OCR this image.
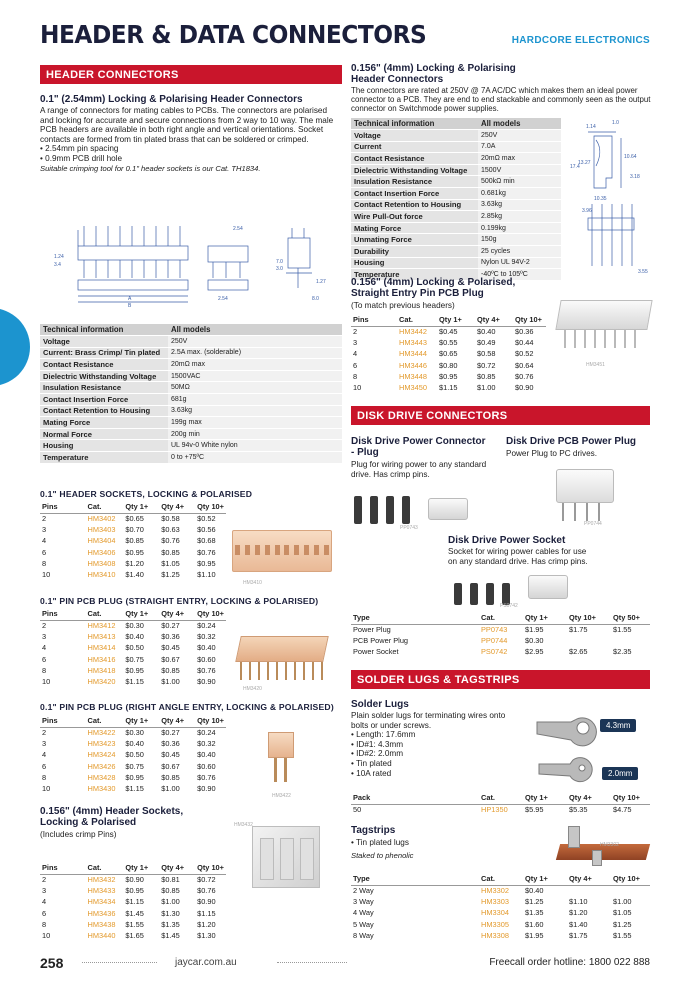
HEADER & DATA CONNECTORS	HARDCORE ELECTRONICS
HEADER CONNECTORS
0.1" (2.54mm) Locking & Polarising Header Connectors
A range of connectors for mating cables to PCBs. The connectors are polarised and locking for accurate and secure connections from 2 way to 10 way. The male PCB headers are available in both right angle and vertical orientations. Socket contacts are formed from tin plated brass that can be soldered or crimped.
• 2.54mm pin spacing
• 0.9mm PCB drill hole
Suitable crimping tool for 0.1" header sockets is our Cat. TH1834.
1.24
3.4
A
B
2.54
2.54
7.0
3.0
1.27
8.0
Technical information	All models
Voltage	250V
Current: Brass Crimp/ Tin plated	2.5A max. (solderable)
Contact Resistance	20mΩ max
Dielectric Withstanding Voltage	1500VAC
Insulation Resistance	50MΩ
Contact Insertion Force	681g
Contact Retention to Housing	3.63kg
Mating Force	199g max
Normal Force	200g min
Housing	UL 94v-0 White nylon
Temperature	0 to +75ºC
0.1" HEADER SOCKETS, LOCKING & POLARISED
Pins	Cat.	Qty 1+	Qty 4+	Qty 10+
2	HM3402	$0.65	$0.58	$0.52
3	HM3403	$0.70	$0.63	$0.56
4	HM3404	$0.85	$0.76	$0.68
6	HM3406	$0.95	$0.85	$0.76
8	HM3408	$1.20	$1.05	$0.95
10	HM3410	$1.40	$1.25	$1.10
HM3410
0.1" PIN PCB PLUG (STRAIGHT ENTRY, LOCKING & POLARISED)
Pins	Cat.	Qty 1+	Qty 4+	Qty 10+
2	HM3412	$0.30	$0.27	$0.24
3	HM3413	$0.40	$0.36	$0.32
4	HM3414	$0.50	$0.45	$0.40
6	HM3416	$0.75	$0.67	$0.60
8	HM3418	$0.95	$0.85	$0.76
10	HM3420	$1.15	$1.00	$0.90
HM3420
0.1" PIN PCB PLUG (RIGHT ANGLE ENTRY, LOCKING & POLARISED)
Pins	Cat.	Qty 1+	Qty 4+	Qty 10+
2	HM3422	$0.30	$0.27	$0.24
3	HM3423	$0.40	$0.36	$0.32
4	HM3424	$0.50	$0.45	$0.40
6	HM3426	$0.75	$0.67	$0.60
8	HM3428	$0.95	$0.85	$0.76
10	HM3430	$1.15	$1.00	$0.90
HM3422
0.156" (4mm) Header Sockets, Locking & Polarised
(Includes crimp Pins)
HM3432
Pins	Cat.	Qty 1+	Qty 4+	Qty 10+
2	HM3432	$0.90	$0.81	$0.72
3	HM3433	$0.95	$0.85	$0.76
4	HM3434	$1.15	$1.00	$0.90
6	HM3436	$1.45	$1.30	$1.15
8	HM3438	$1.55	$1.35	$1.20
10	HM3440	$1.65	$1.45	$1.30
0.156" (4mm) Locking & Polarising Header Connectors
The connectors are rated at 250V @ 7A AC/DC which makes them an ideal power connector to a PCB. They are end to end stackable and commonly seen as the output connector on Switchmode power supplies.
Technical information	All models
Voltage	250V
Current	7.0A
Contact Resistance	20mΩ max
Dielectric Withstanding Voltage	1500V
Insulation Resistance	500kΩ min
Contact Insertion Force	0.681kg
Contact Retention to Housing	3.63kg
Wire Pull-Out force	2.85kg
Mating Force	0.199kg
Unmating Force	150g
Durability	25 cycles
Housing	Nylon UL 94V-2
Temperature	-40ºC to 105ºC
1.14
1.0
10.64
3.18
10.35
17.4
13.27
3.96
3.55
0.156" (4mm) Locking & Polarised, Straight Entry Pin PCB Plug
(To match previous headers)
Pins	Cat.	Qty 1+	Qty 4+	Qty 10+
2	HM3442	$0.45	$0.40	$0.36
3	HM3443	$0.55	$0.49	$0.44
4	HM3444	$0.65	$0.58	$0.52
6	HM3446	$0.80	$0.72	$0.64
8	HM3448	$0.95	$0.85	$0.76
10	HM3450	$1.15	$1.00	$0.90
HM3451
DISK DRIVE CONNECTORS
Disk Drive Power Connector - Plug
Plug for wiring power to any standard drive. Has crimp pins.
Disk Drive PCB Power Plug
Power Plug to PC drives.
PP0743
PP0744
Disk Drive Power Socket
Socket for wiring power cables for use on any standard drive. Has crimp pins.
PS0742
Type	Cat.	Qty 1+	Qty 10+	Qty 50+
Power Plug	PP0743	$1.95	$1.75	$1.55
PCB Power Plug	PP0744	$0.30		
Power Socket	PS0742	$2.95	$2.65	$2.35
SOLDER LUGS & TAGSTRIPS
Solder Lugs
Plain solder lugs for terminating wires onto bolts or under screws.
• Length: 17.6mm
• ID#1: 4.3mm
• ID#2: 2.0mm
• Tin plated
• 10A rated
4.3mm
2.0mm
Pack	Cat.	Qty 1+	Qty 4+	Qty 10+
50	HP1350	$5.95	$5.35	$4.75
Tagstrips
• Tin plated lugs
Staked to phenolic
HM3302
Type	Cat.	Qty 1+	Qty 4+	Qty 10+
2 Way	HM3302	$0.40		
3 Way	HM3303	$1.25	$1.10	$1.00
4 Way	HM3304	$1.35	$1.20	$1.05
5 Way	HM3305	$1.60	$1.40	$1.25
8 Way	HM3308	$1.95	$1.75	$1.55
258	jaycar.com.au	Freecall order hotline: 1800 022 888
